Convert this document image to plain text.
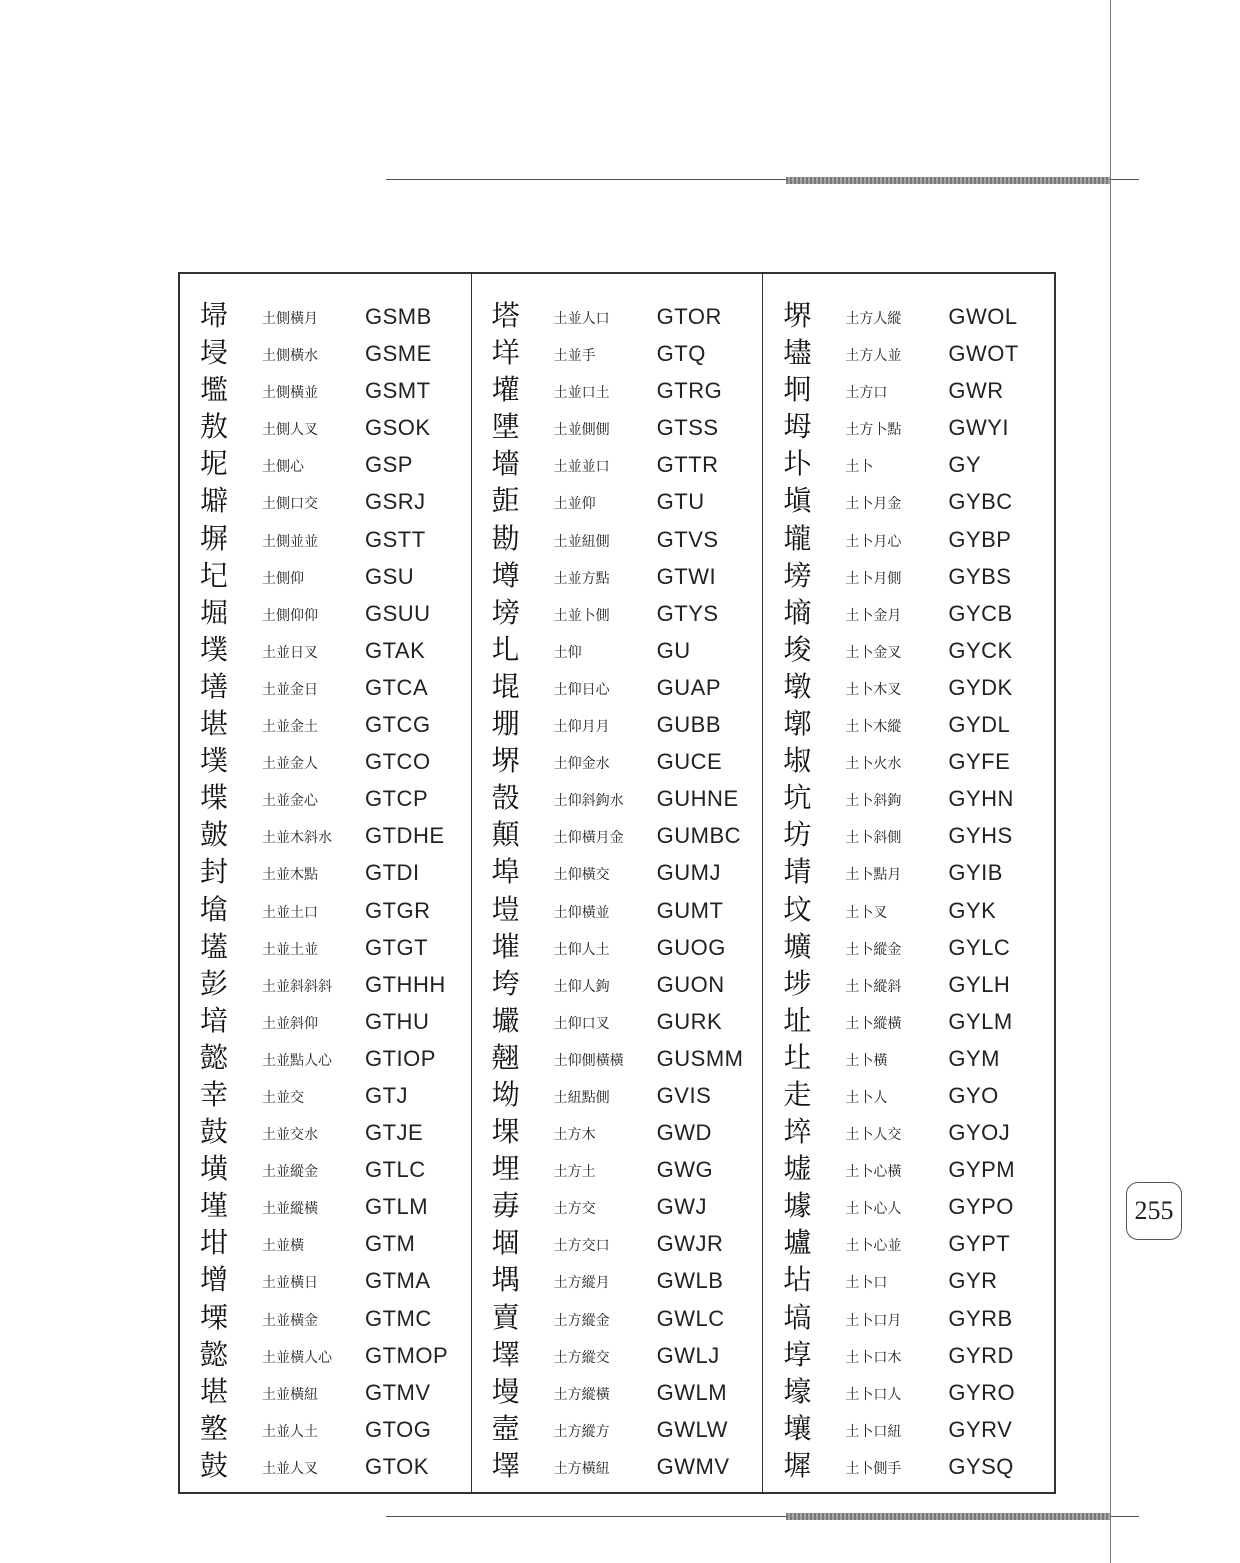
埽	土側橫月	GSMB
埐	土側橫水	GSME
壏	土側橫並	GSMT
敖	土側人叉	GSOK
坭	土側心	GSP
壀	土側口交	GSRJ
塀	土側並並	GSTT
圮	土側仰	GSU
堀	土側仰仰	GSUU
墣	土並日叉	GTAK
墡	土並金日	GTCA
堪	土並金土	GTCG
墣	土並金人	GTCO
堞	土並金心	GTCP
皷	土並木斜水	GTDHE
封	土並木點	GTDI
墖	土並土口	GTGR
壒	土並土並	GTGT
彭	土並斜斜斜	GTHHH
堷	土並斜仰	GTHU
懿	土並點人心	GTIOP
幸	土並交	GTJ
鼓	土並交水	GTJE
墴	土並縱金	GTLC
墐	土並縱橫	GTLM
坩	土並橫	GTM
增	土並橫日	GTMA
塛	土並橫金	GTMC
懿	土並橫人心	GTMOP
堪	土並橫紐	GTMV
墪	土並人土	GTOG
鼓	土並人叉	GTOK
塔	土並人口	GTOR
垟	土並手	GTQ
壦	土並口土	GTRG
塦	土並側側	GTSS
墻	土並並口	GTTR
壾	土並仰	GTU
勘	土並紐側	GTVS
墫	土並方點	GTWI
塝	土並卜側	GTYS
圠	土仰	GU
堒	土仰日心	GUAP
堋	土仰月月	GUBB
堺	土仰金水	GUCE
嗀	土仰斜鉤水	GUHNE
顛	土仰橫月金	GUMBC
埠	土仰橫交	GUMJ
塏	土仰橫並	GUMT
墔	土仰人土	GUOG
垮	土仰人鉤	GUON
壧	土仰口叉	GURK
翹	土仰側橫橫	GUSMM
坳	土紐點側	GVIS
堁	土方木	GWD
埋	土方土	GWG
毐	土方交	GWJ
堌	土方交口	GWJR
堣	土方縱月	GWLB
賣	土方縱金	GWLC
墿	土方縱交	GWLJ
墁	土方縱橫	GWLM
壼	土方縱方	GWLW
墿	土方橫紐	GWMV
堺	土方人縱	GWOL
壗	土方人並	GWOT
坰	土方口	GWR
坶	土方卜點	GWYI
圤	土卜	GY
塡	土卜月金	GYBC
壠	土卜月心	GYBP
塝	土卜月側	GYBS
墒	土卜金月	GYCB
埈	土卜金叉	GYCK
墩	土卜木叉	GYDK
墎	土卜木縱	GYDL
埱	土卜火水	GYFE
坑	土卜斜鉤	GYHN
坊	土卜斜側	GYHS
埥	土卜點月	GYIB
坟	土卜叉	GYK
壙	土卜縱金	GYLC
埗	土卜縱斜	GYLH
址	土卜縱橫	GYLM
圵	土卜橫	GYM
走	土卜人	GYO
埣	土卜人交	GYOJ
墟	土卜心橫	GYPM
壉	土卜心人	GYPO
壚	土卜心並	GYPT
坫	土卜口	GYR
塙	土卜口月	GYRB
埻	土卜口木	GYRD
壕	土卜口人	GYRO
壤	土卜口紐	GYRV
墀	土卜側手	GYSQ
255
